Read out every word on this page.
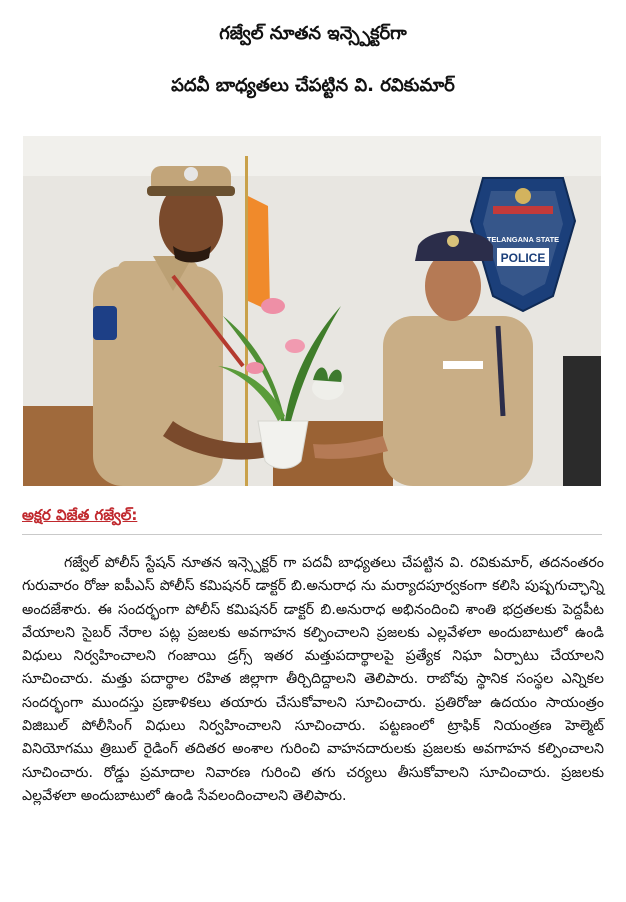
గజ్వేల్ నూతన ఇన్స్పెక్టర్‌గా
పదవీ బాధ్యతలు చేపట్టిన వి. రవికుమార్
TELANGANA STATE
POLICE
అక్షర విజేత గజ్వేల్:

గజ్వేల్ పోలీస్ స్టేషన్ నూతన ఇన్స్పెక్టర్ గా పదవీ బాధ్యతలు చేపట్టిన వి. రవికుమార్, తదనంతరం గురువారం రోజు ఐపీఎస్ పోలీస్ కమిషనర్ డాక్టర్ బి.అనురాధ ను మర్యాదపూర్వకంగా కలిసి పుష్పగుచ్ఛాన్ని అందజేశారు. ఈ సందర్భంగా పోలీస్ కమిషనర్ డాక్టర్ బి.అనురాధ అభినందించి శాంతి భద్రతలకు పెద్దపీట వేయాలని సైబర్ నేరాల పట్ల ప్రజలకు అవగాహన కల్పించాలని ప్రజలకు ఎల్లవేళలా అందుబాటులో ఉండి విధులు నిర్వహించాలని గంజాయి డ్రగ్స్ ఇతర మత్తుపదార్థాలపై ప్రత్యేక నిఘా ఏర్పాటు చేయాలని సూచించారు. మత్తు పదార్థాల రహిత జిల్లాగా తీర్చిదిద్దాలని తెలిపారు. రాబోవు స్థానిక సంస్థల ఎన్నికల సందర్భంగా ముందస్తు ప్రణాళికలు తయారు చేసుకోవాలని సూచించారు. ప్రతిరోజు ఉదయం సాయంత్రం విజిబుల్ పోలీసింగ్ విధులు నిర్వహించాలని సూచించారు. పట్టణంలో ట్రాఫిక్ నియంత్రణ హెల్మెట్ వినియోగము త్రిబుల్ రైడింగ్ తదితర అంశాల గురించి వాహనదారులకు ప్రజలకు అవగాహన కల్పించాలని సూచించారు. రోడ్డు ప్రమాదాల నివారణ గురించి తగు చర్యలు తీసుకోవాలని సూచించారు. ప్రజలకు ఎల్లవేళలా అందుబాటులో ఉండి సేవలందించాలని తెలిపారు.
